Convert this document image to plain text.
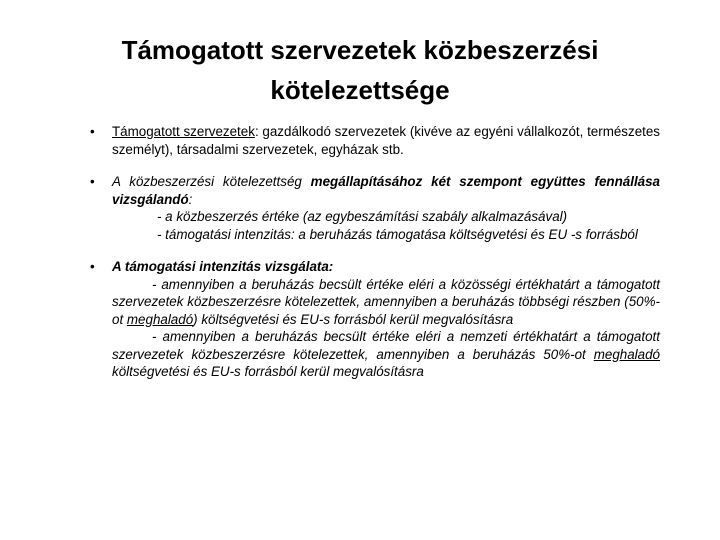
Támogatott szervezetek közbeszerzési
kötelezettsége
• Támogatott szervezetek: gazdálkodó szervezetek (kivéve az egyéni vállalkozót, természetes személyt), társadalmi szervezetek, egyházak stb.

• A közbeszerzési kötelezettség megállapításához két szempont együttes fennállása vizsgálandó:

- a közbeszerzés értéke (az egybeszámítási szabály alkalmazásával)

- támogatási intenzitás: a beruházás támogatása költségvetési és EU -s forrásból

• A támogatási intenzitás vizsgálata:

- amennyiben a beruházás becsült értéke eléri a közösségi értékhatárt a támogatott szervezetek közbeszerzésre kötelezettek, amennyiben a beruházás többségi részben (50%-ot meghaladó) költségvetési és EU-s forrásból kerül megvalósításra

- amennyiben a beruházás becsült értéke eléri a nemzeti értékhatárt a támogatott szervezetek közbeszerzésre kötelezettek, amennyiben a beruházás 50%-ot meghaladó költségvetési és EU-s forrásból kerül megvalósításra
